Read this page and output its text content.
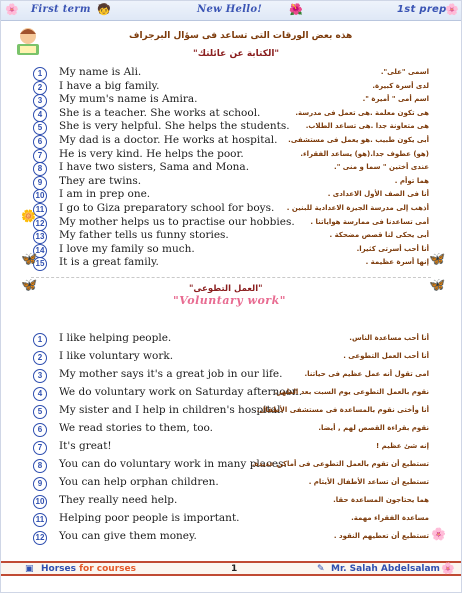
🌸 First term 🧒	New Hello! 🌺	1st prep
🌸
هذه بعض الورقات التى تساعد فى سؤال البرجراف
"الكتابة عن عائلتك"
1	My name is Ali.	اسمى "على".
2	I have a big family.	لدى أسرة كبيرة.
3	My mum's name is Amira.	اسم أمى " أميرة ".
4	She is a teacher. She works at school.	هى تكون معلمة .هى تعمل فى مدرسة.
5	She is very helpful. She helps the students. هى متعاونة جدا .هى تساعد الطلاب.
6	My dad is a doctor. He works at hospital. أبى يكون طبيب .هو يعمل فى مستشفى.
7	He is very kind. He helps the poor.	(هو) عطوف جدا.(هو) يساعد الفقراء.
8	I have two sisters, Sama and Mona.	عندى أختين " سما و منى ".
9	They are twins.	هما توأم .
10 I am in prep one.	أنا فى الصف الأول الاعدادى .
11 I go to Giza preparatory school for boys. أذهب إلى مدرسة الجيزة الاعدادية للبنين .
12 My mother helps us to practise our hobbies. أمى تساعدنا فى ممارسة هواياتنا .
13 My father tells us funny stories.	أبى يحكى لنا قصص مضحكة .
14 I love my family so much.	أنا أحب أسرتى كثيرا.
15 It is a great family.	إنها أسرة عظيمة .
🦋	🦋
🦋	🦋
"العمل التطوعى"
"Voluntary work"
1	I like helping people.	أنا أحب مساعدة الناس.
2	I like voluntary work.	أنا أحب العمل التطوعى .
3	My mother says it's a great job in our life.	امى تقول أنه عمل عظيم فى حياتنا.
4	We do voluntary work on Saturday afternoon.
نقوم بالعمل التطوعى يوم السبت بعد الظهر.
5	My sister and I help in children's hospital.
أنا وأختى نقوم بالمساعدة فى مستشفى الأطفال.
6	We read stories to them, too.	نقوم بقراءة القصص لهم , أيضا.
7	It's great!	إنه شئ عظيم !
8	You can do voluntary work in many places.
تستطيع أن تقوم بالعمل التطوعى فى أماكن عديدة.
9	You can help orphan children.	تستطيع أن تساعد الأطفال الأيتام .
10 They really need help.	هما يحتاجون المساعدة حقا.
11 Helping poor people is important.	مساعدة الفقراء مهمة.
12 You can give them money.	تستطيع أن تعطيهم النقود .
🌼
🌸
▣ Horses for courses	1	✎ Mr. Salah Abdelsalam 🌸
